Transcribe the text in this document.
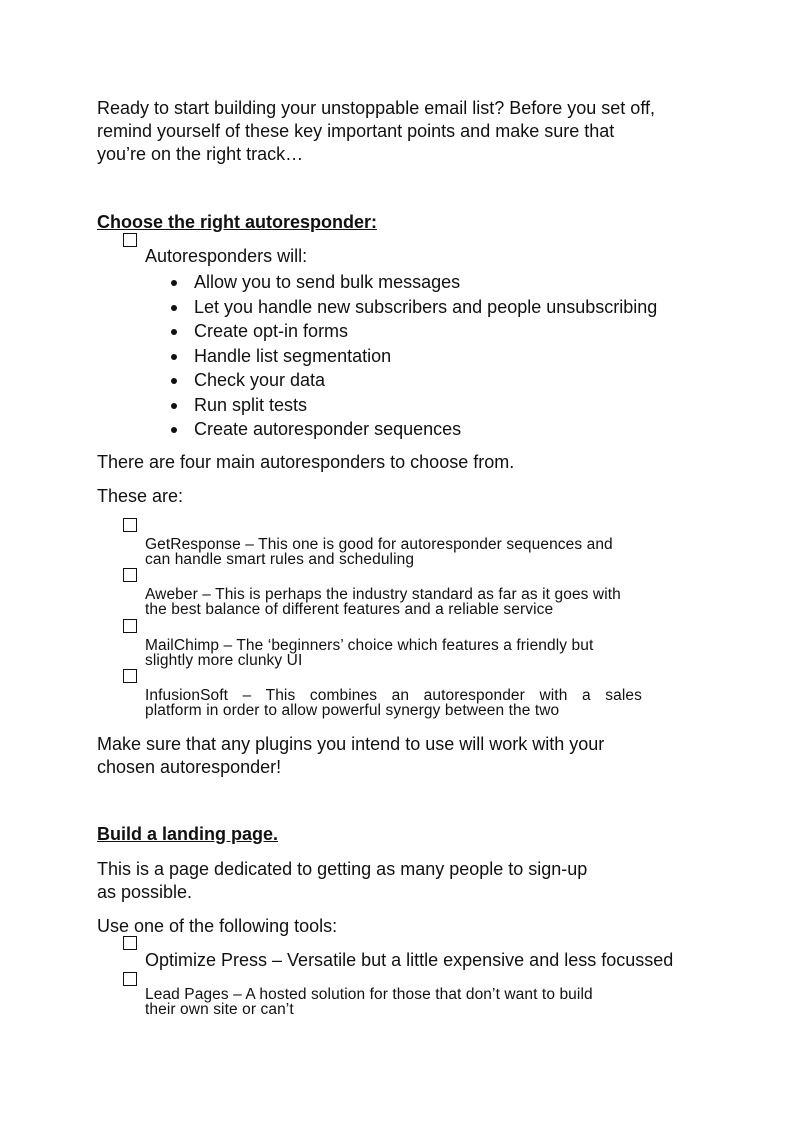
Ready to start building your unstoppable email list? Before you set off,
remind yourself of these key important points and make sure that
you’re on the right track…
Choose the right autoresponder:
Autoresponders will:
Allow you to send bulk messages
Let you handle new subscribers and people unsubscribing
Create opt-in forms
Handle list segmentation
Check your data
Run split tests
Create autoresponder sequences
There are four main autoresponders to choose from.
These are:
GetResponse – This one is good for autoresponder sequences and
can handle smart rules and scheduling
Aweber – This is perhaps the industry standard as far as it goes with
the best balance of different features and a reliable service
MailChimp – The ‘beginners’ choice which features a friendly but
slightly more clunky UI
InfusionSoft – This combines an autoresponder with a sales
platform in order to allow powerful synergy between the two
Make sure that any plugins you intend to use will work with your
chosen autoresponder!
Build a landing page.
This is a page dedicated to getting as many people to sign-up
as possible.
Use one of the following tools:
Optimize Press – Versatile but a little expensive and less focussed
Lead Pages – A hosted solution for those that don’t want to build
their own site or can’t
